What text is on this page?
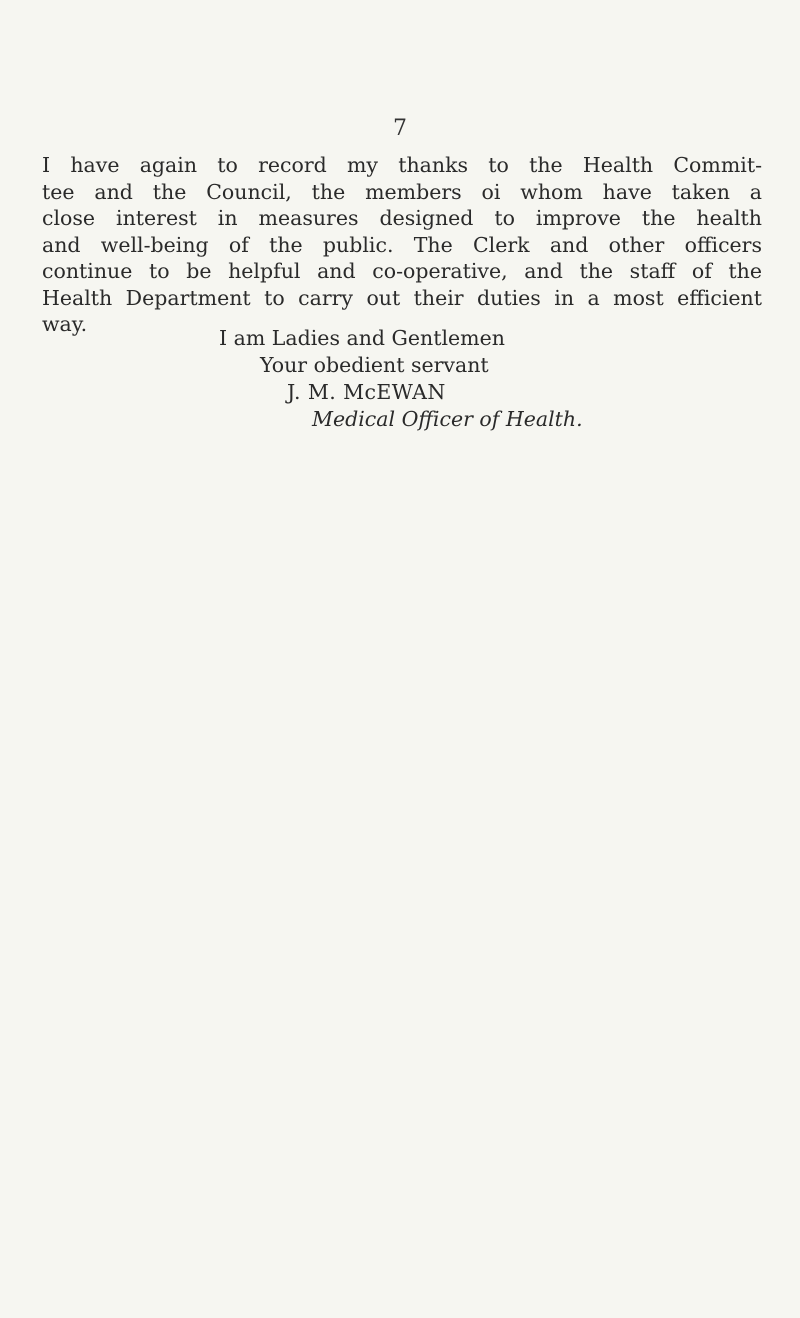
7
I have again to record my thanks to the Health Commit-
tee and the Council, the members oi whom have taken a
close interest in measures designed to improve the health
and well-being of the public. The Clerk and other officers
continue to be helpful and co-operative, and the staff of the
Health Department to carry out their duties in a most efficient
way.
I am Ladies and Gentlemen
Your obedient servant
J. M. McEWAN
Medical Officer of Health.
